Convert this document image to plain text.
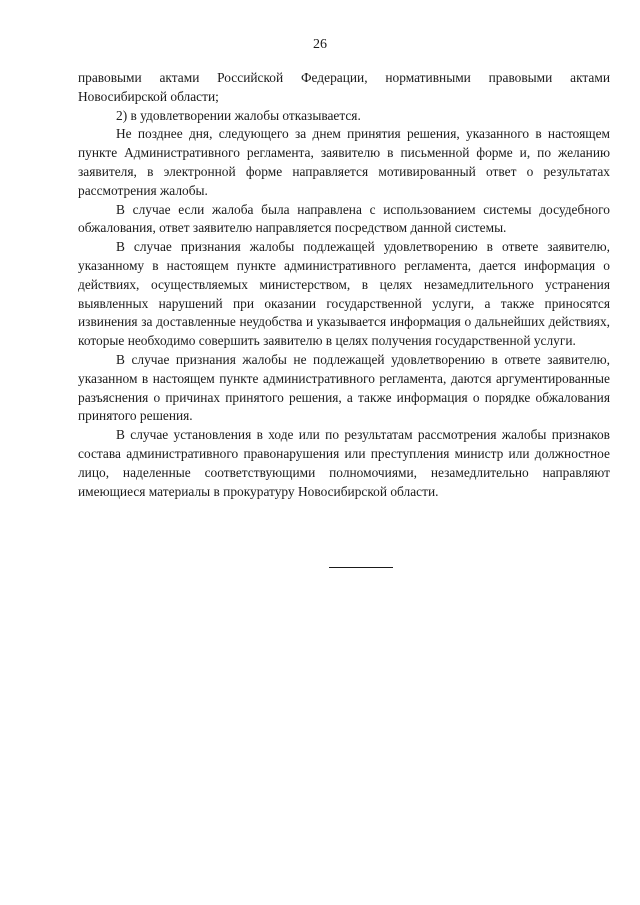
26

правовыми актами Российской Федерации, нормативными правовыми актами Новосибирской области;

2) в удовлетворении жалобы отказывается.

Не позднее дня, следующего за днем принятия решения, указанного в настоящем пункте Административного регламента, заявителю в письменной форме и, по желанию заявителя, в электронной форме направляется мотивированный ответ о результатах рассмотрения жалобы.

В случае если жалоба была направлена с использованием системы досудебного обжалования, ответ заявителю направляется посредством данной системы.

В случае признания жалобы подлежащей удовлетворению в ответе заявителю, указанному в настоящем пункте административного регламента, дается информация о действиях, осуществляемых министерством, в целях незамедлительного устранения выявленных нарушений при оказании государственной услуги, а также приносятся извинения за доставленные неудобства и указывается информация о дальнейших действиях, которые необходимо совершить заявителю в целях получения государственной услуги.

В случае признания жалобы не подлежащей удовлетворению в ответе заявителю, указанном в настоящем пункте административного регламента, даются аргументированные разъяснения о причинах принятого решения, а также информация о порядке обжалования принятого решения.

В случае установления в ходе или по результатам рассмотрения жалобы признаков состава административного правонарушения или преступления министр или должностное лицо, наделенные соответствующими полномочиями, незамедлительно направляют имеющиеся материалы в прокуратуру Новосибирской области.
